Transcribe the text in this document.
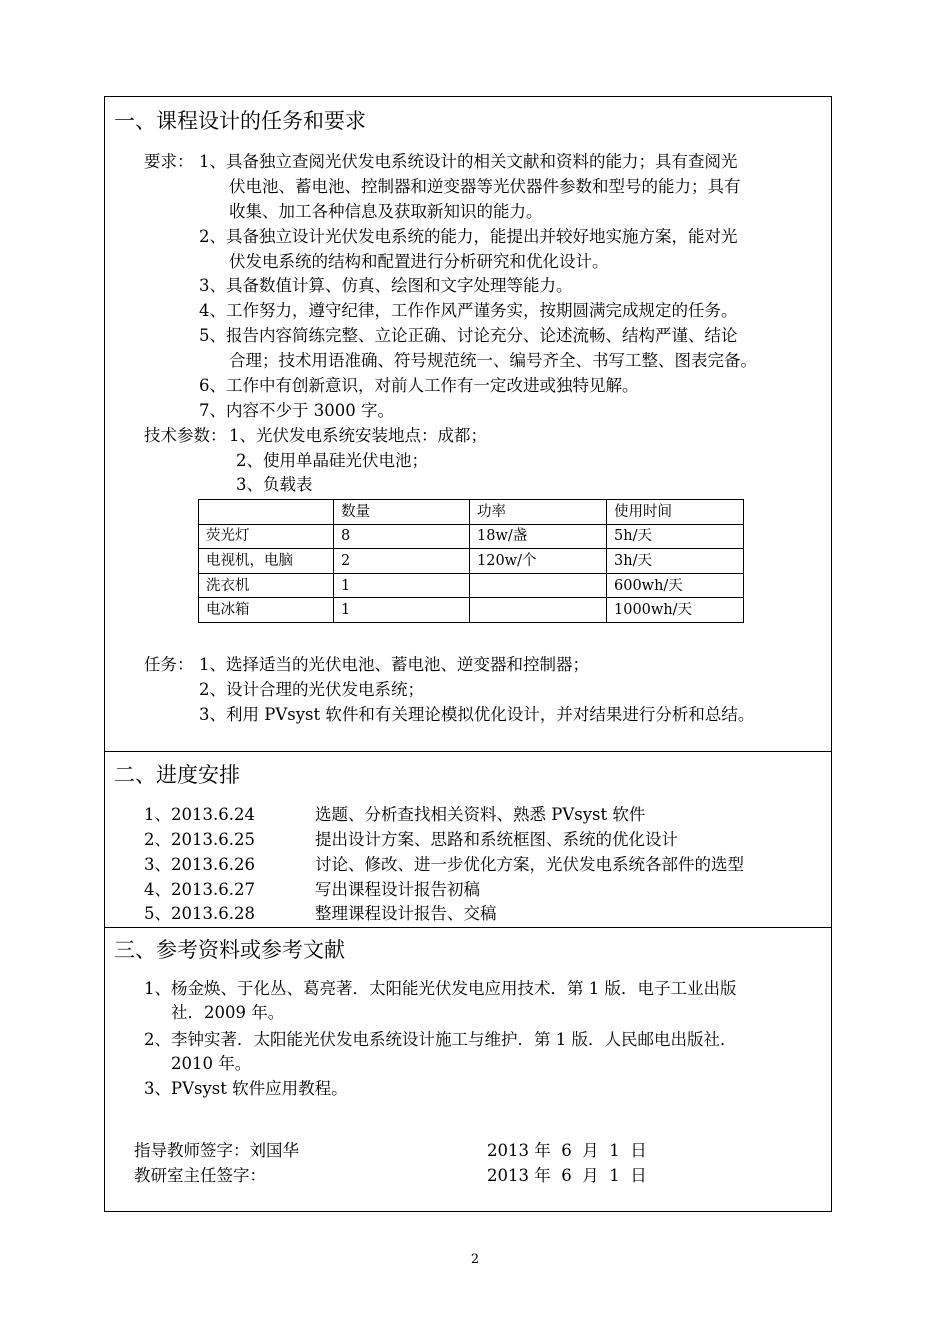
一、课程设计的任务和要求
要求： 1、具备独立查阅光伏发电系统设计的相关文献和资料的能力；具有查阅光
伏电池、蓄电池、控制器和逆变器等光伏器件参数和型号的能力；具有
收集、加工各种信息及获取新知识的能力。
2、具备独立设计光伏发电系统的能力，能提出并较好地实施方案，能对光
伏发电系统的结构和配置进行分析研究和优化设计。
3、具备数值计算、仿真、绘图和文字处理等能力。
4、工作努力，遵守纪律，工作作风严谨务实，按期圆满完成规定的任务。
5、报告内容简练完整、立论正确、讨论充分、论述流畅、结构严谨、结论
合理；技术用语准确、符号规范统一、编号齐全、书写工整、图表完备。
6、工作中有创新意识，对前人工作有一定改进或独特见解。
7、内容不少于 3000 字。
技术参数： 1、光伏发电系统安装地点：成都；
2、使用单晶硅光伏电池；
3、负载表
	数量	功率	使用时间
荧光灯	8	18w/盏	5h/天
电视机，电脑	2	120w/个	3h/天
洗衣机	1		600wh/天
电冰箱	1		1000wh/天
任务： 1、选择适当的光伏电池、蓄电池、逆变器和控制器；
2、设计合理的光伏发电系统；
3、利用 PVsyst 软件和有关理论模拟优化设计，并对结果进行分析和总结。
二、进度安排
1、2013.6.24	选题、分析查找相关资料、熟悉 PVsyst 软件
2、2013.6.25	提出设计方案、思路和系统框图、系统的优化设计
3、2013.6.26	讨论、修改、进一步优化方案，光伏发电系统各部件的选型
4、2013.6.27	写出课程设计报告初稿
5、2013.6.28	整理课程设计报告、交稿
三、参考资料或参考文献
1、杨金焕、于化丛、葛亮著．太阳能光伏发电应用技术．第 1 版．电子工业出版
社．2009 年。
2、李钟实著．太阳能光伏发电系统设计施工与维护．第 1 版．人民邮电出版社．
2010 年。
3、PVsyst 软件应用教程。
指导教师签字：刘国华	2013 年  6  月  1  日
教研室主任签字：	2013 年  6  月  1  日
2
